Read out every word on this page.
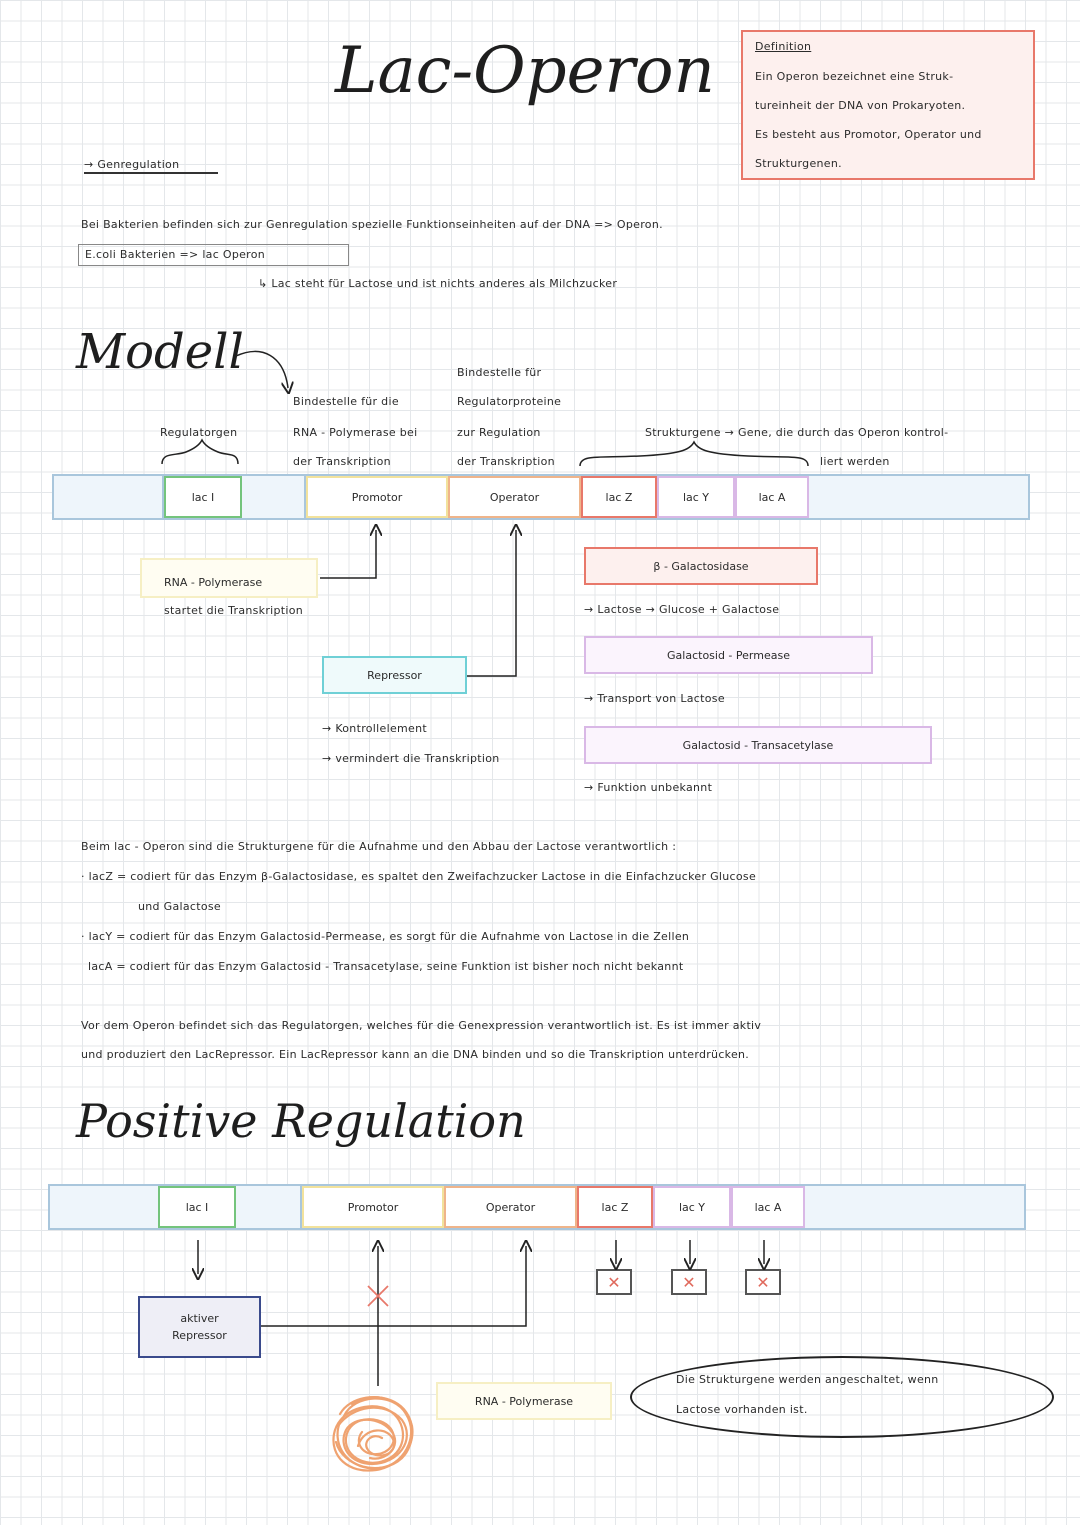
Lac-Operon	Definition
Ein Operon bezeichnet eine Struk-
tureinheit der DNA von Prokaryoten.
Es besteht aus Promotor, Operator und
Strukturgenen.
→ Genregulation
Bei Bakterien befinden sich zur Genregulation spezielle Funktionseinheiten auf der DNA => Operon.
E.coli Bakterien => lac Operon
↳ Lac steht für Lactose und ist nichts anderes als Milchzucker
Modell
Regulatorgen
Bindestelle für die
RNA - Polymerase bei
der Transkription
Bindestelle für
Regulatorproteine
zur Regulation
der Transkription
Strukturgene → Gene, die durch das Operon kontrol-
liert werden
lac I	Promotor	Operator	lac Z	lac Y	lac A
RNA - Polymerase
startet die Transkription
Repressor
→ Kontrollelement
→ vermindert die Transkription
β - Galactosidase
→ Lactose → Glucose + Galactose
Galactosid - Permease
→ Transport von Lactose
Galactosid - Transacetylase
→ Funktion unbekannt
Beim lac - Operon sind die Strukturgene für die Aufnahme und den Abbau der Lactose verantwortlich :
· lacZ = codiert für das Enzym β-Galactosidase, es spaltet den Zweifachzucker Lactose in die Einfachzucker Glucose
und Galactose
· lacY = codiert für das Enzym Galactosid-Permease, es sorgt für die Aufnahme von Lactose in die Zellen
lacA = codiert für das Enzym Galactosid - Transacetylase, seine Funktion ist bisher noch nicht bekannt
Vor dem Operon befindet sich das Regulatorgen, welches für die Genexpression verantwortlich ist. Es ist immer aktiv
und produziert den LacRepressor. Ein LacRepressor kann an die DNA binden und so die Transkription unterdrücken.
Positive Regulation
lac I	Promotor	Operator	lac Z	lac Y	lac A
✕	✕	✕
aktiver
Repressor
RNA - Polymerase
Die Strukturgene werden angeschaltet, wenn
Lactose vorhanden ist.
